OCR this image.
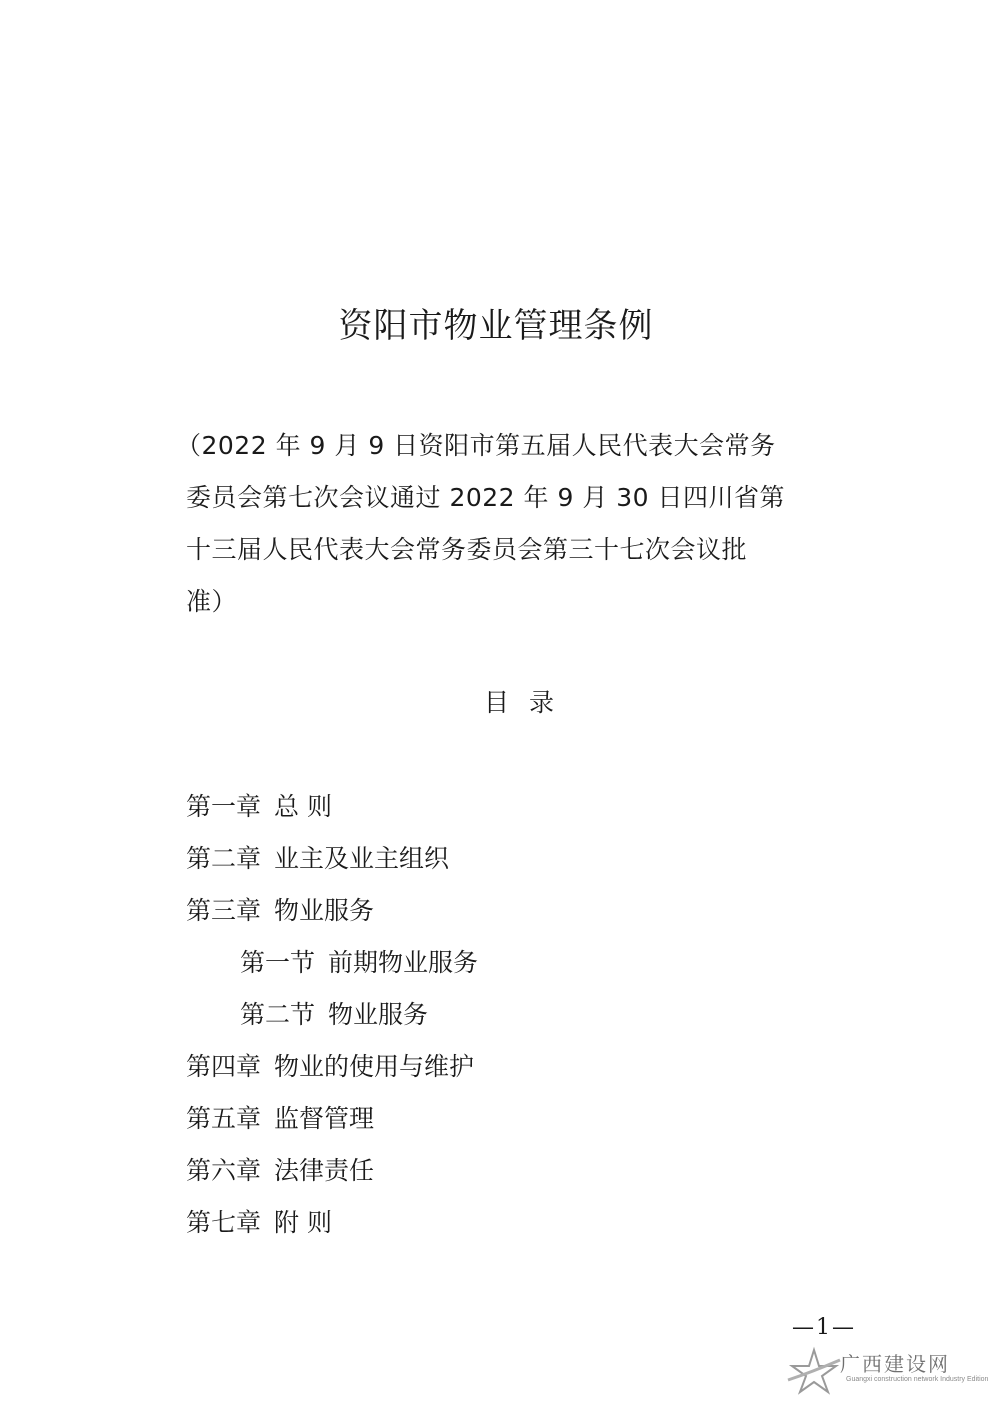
资阳市物业管理条例
（2022 年 9 月 9 日资阳市第五届人民代表大会常务
委员会第七次会议通过 2022 年 9 月 30 日四川省第
十三届人民代表大会常务委员会第三十七次会议批
准）
目 录
第一章 总 则
第二章 业主及业主组织
第三章 物业服务
第一节 前期物业服务
第二节 物业服务
第四章 物业的使用与维护
第五章 监督管理
第六章 法律责任
第七章 附 则
—1—
广西建设网
Guangxi construction network Industry Edition
